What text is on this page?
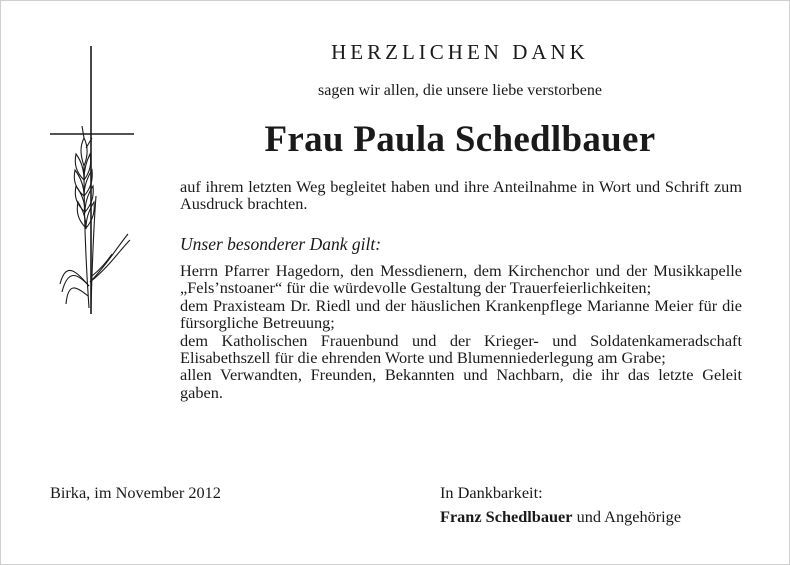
HERZLICHEN DANK
sagen wir allen, die unsere liebe verstorbene
Frau Paula Schedlbauer
auf ihrem letzten Weg begleitet haben und ihre Anteilnahme in Wort und Schrift zum Ausdruck brachten.
Unser besonderer Dank gilt:

Herrn Pfarrer Hagedorn, den Messdienern, dem Kirchenchor und der Musikkapelle „Fels’nstoaner“ für die würdevolle Gestaltung der Trauerfeierlichkeiten;

dem Praxisteam Dr. Riedl und der häuslichen Krankenpflege Marianne Meier für die fürsorgliche Betreuung;

dem Katholischen Frauenbund und der Krieger- und Soldatenkameradschaft Elisabethszell für die ehrenden Worte und Blumenniederlegung am Grabe;

allen Verwandten, Freunden, Bekannten und Nachbarn, die ihr das letzte Geleit gaben.

Birka, im November 2012	In Dankbarkeit:
Franz Schedlbauer und Angehörige
